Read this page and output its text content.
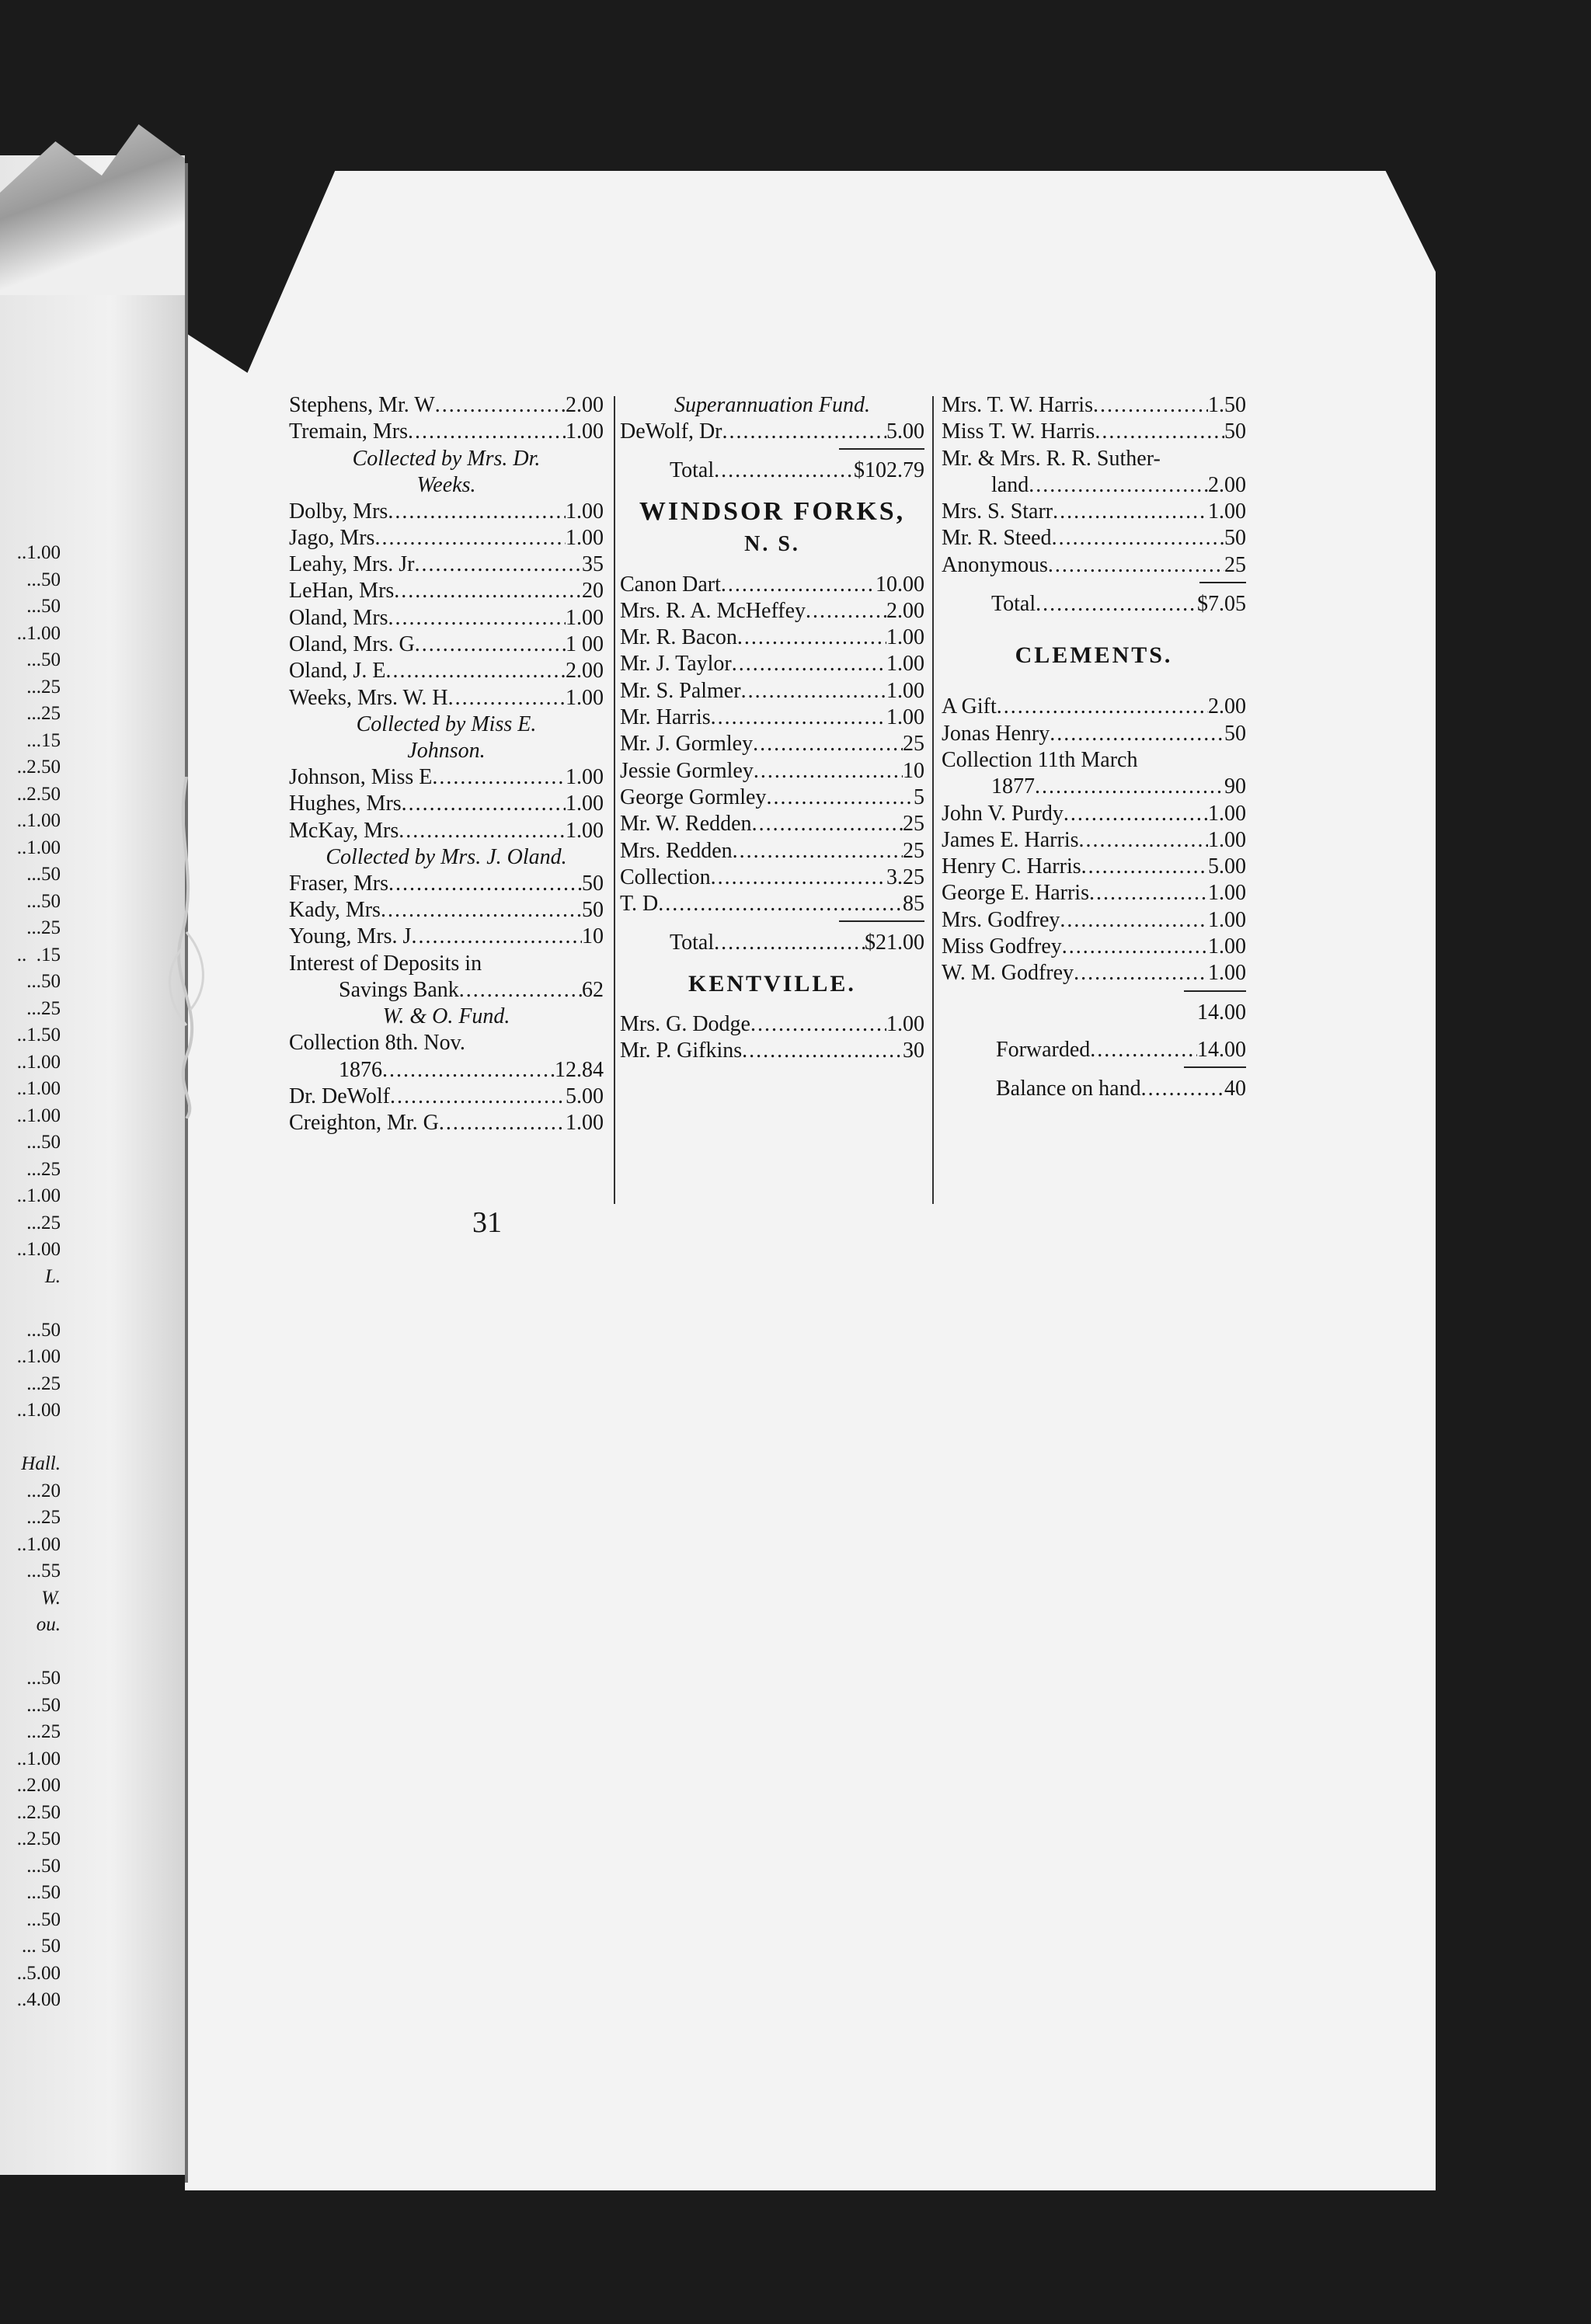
..1.00
...50
...50
..1.00
...50
...25
...25
...15
..2.50
..2.50
..1.00
..1.00
...50
...50
...25
..  .15
...50
...25
..1.50
..1.00
..1.00
..1.00
...50
...25
..1.00
...25
..1.00
L.

...50
..1.00
...25
..1.00

Hall.
...20
...25
..1.00
...55
W.
ou.

...50
...50
...25
..1.00
..2.00
..2.50
..2.50
...50
...50
...50
... 50
..5.00
..4.00
Stephens, Mr. W .....	2.00
Tremain, Mrs .....	1.00
Collected by Mrs. Dr.
Weeks.
Dolby, Mrs .....	1.00
Jago, Mrs .....	1.00
Leahy, Mrs. Jr .....	35
LeHan, Mrs .....	20
Oland, Mrs .....	1.00
Oland, Mrs. G .....	1 00
Oland, J. E .....	2.00
Weeks, Mrs. W. H .....	1.00
Collected by Miss E.
Johnson.
Johnson, Miss E .....	1.00
Hughes, Mrs .....	1.00
McKay, Mrs .....	1.00
Collected by Mrs. J. Oland.
Fraser, Mrs .....	50
Kady, Mrs .....	50
Young, Mrs. J .....	10
Interest of Deposits in
Savings Bank .....	62
W. & O. Fund.
Collection 8th. Nov.
1876 .....	12.84
Dr. DeWolf .....	5.00
Creighton, Mr. G .....	1.00
Superannuation Fund.
DeWolf, Dr .....	5.00
Total .....	$102.79
WINDSOR FORKS,
N. S.
Canon Dart .....	10.00
Mrs. R. A. McHeffey .....	2.00
Mr. R. Bacon .....	1.00
Mr. J. Taylor .....	1.00
Mr. S. Palmer .....	1.00
Mr. Harris .....	1.00
Mr. J. Gormley .....	25
Jessie Gormley .....	10
George Gormley .....	5
Mr. W. Redden .....	25
Mrs. Redden .....	25
Collection .....	3.25
T. D .....	85
Total .....	$21.00
KENTVILLE.
Mrs. G. Dodge .....	1.00
Mr. P. Gifkins .....	30
Mrs. T. W. Harris .....	1.50
Miss T. W. Harris .....	50
Mr. & Mrs. R. R. Suther-
land .....	2.00
Mrs. S. Starr .....	1.00
Mr. R. Steed .....	50
Anonymous .....	25
Total .....	$7.05
CLEMENTS.
A Gift .....	2.00
Jonas Henry .....	50
Collection 11th March
1877 .....	90
John V. Purdy .....	1.00
James E. Harris .....	1.00
Henry C. Harris .....	5.00
George E. Harris .....	1.00
Mrs. Godfrey .....	1.00
Miss Godfrey .....	1.00
W. M. Godfrey .....	1.00
14.00
Forwarded .....	14.00
Balance on hand .....	40
31
